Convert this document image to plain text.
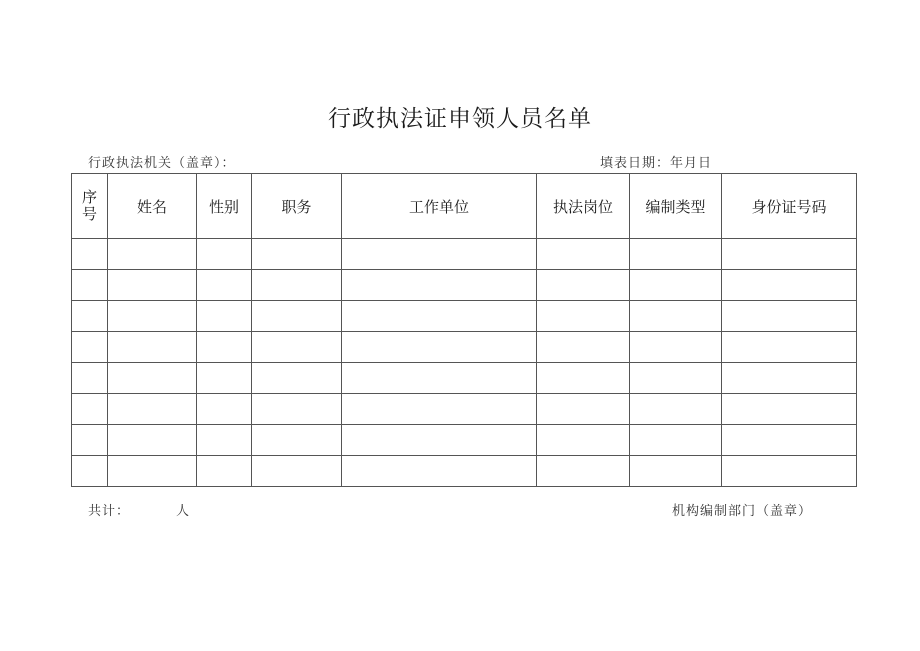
行政执法证申领人员名单
行政执法机关（盖章）：	填表日期：年月日
序号	姓名	性别	职务	工作单位	执法岗位	编制类型	身份证号码

共计：	人	机构编制部门（盖章）
